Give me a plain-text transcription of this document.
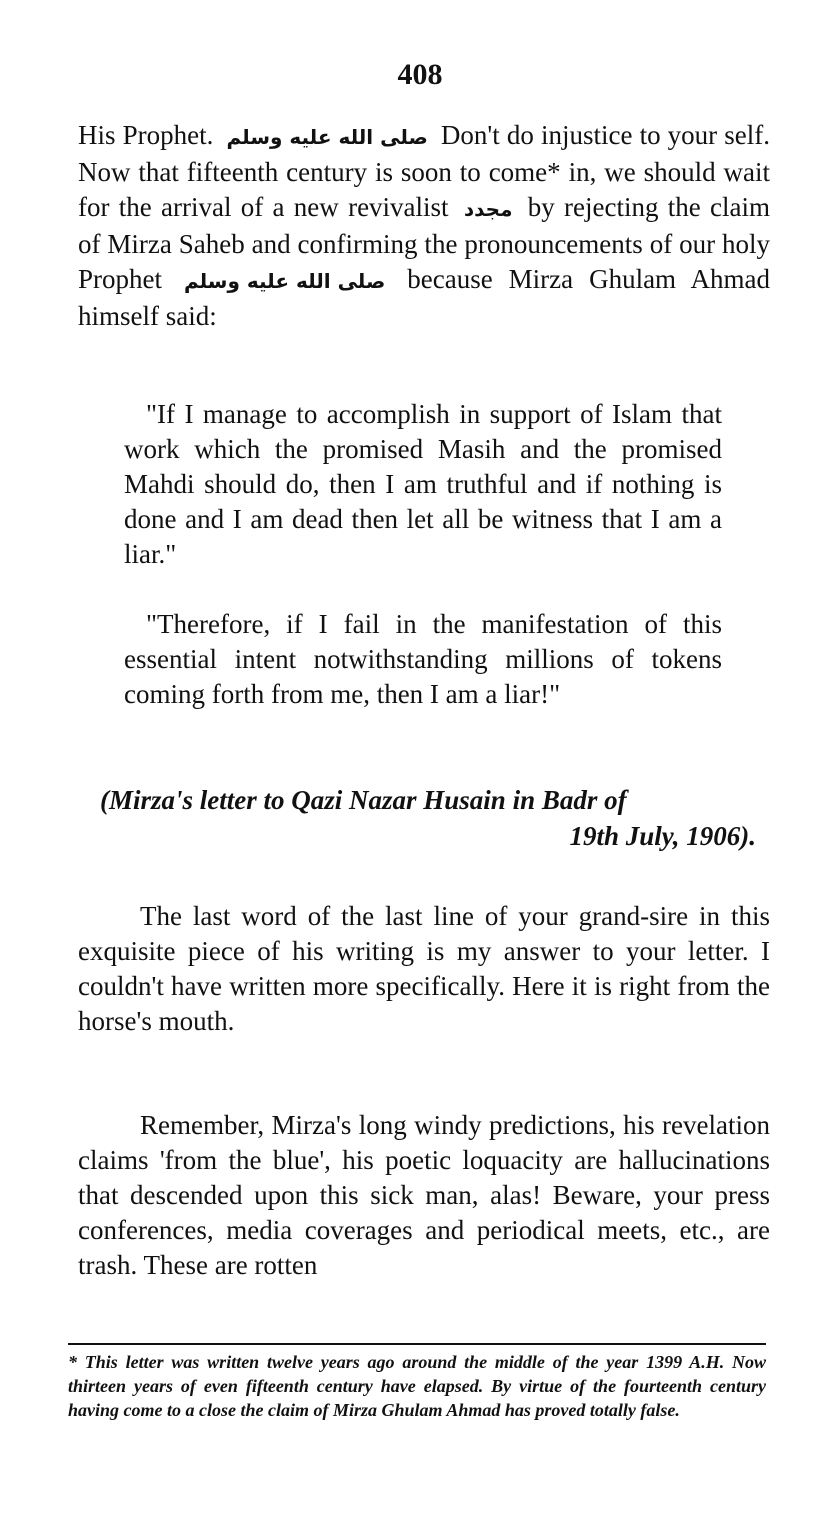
408

His Prophet. صلى الله عليه وسلم Don't do injustice to your self. Now that fifteenth century is soon to come* in, we should wait for the arrival of a new revivalist مجدد by rejecting the claim of Mirza Saheb and confirming the pronouncements of our holy Prophet صلى الله عليه وسلم because Mirza Ghulam Ahmad himself said:

"If I manage to accomplish in support of Islam that work which the promised Masih and the promised Mahdi should do, then I am truthful and if nothing is done and I am dead then let all be witness that I am a liar."

"Therefore, if I fail in the manifestation of this essential intent notwithstanding millions of tokens coming forth from me, then I am a liar!"

(Mirza's letter to Qazi Nazar Husain in Badr of
19th July, 1906).

The last word of the last line of your grand-sire in this exquisite piece of his writing is my answer to your letter. I couldn't have written more specifically. Here it is right from the horse's mouth.

Remember, Mirza's long windy predictions, his revelation claims 'from the blue', his poetic loquacity are hallucinations that descended upon this sick man, alas! Beware, your press conferences, media coverages and periodical meets, etc., are trash. These are rotten

* This letter was written twelve years ago around the middle of the year 1399 A.H. Now thirteen years of even fifteenth century have elapsed. By virtue of the fourteenth century having come to a close the claim of Mirza Ghulam Ahmad has proved totally false.
